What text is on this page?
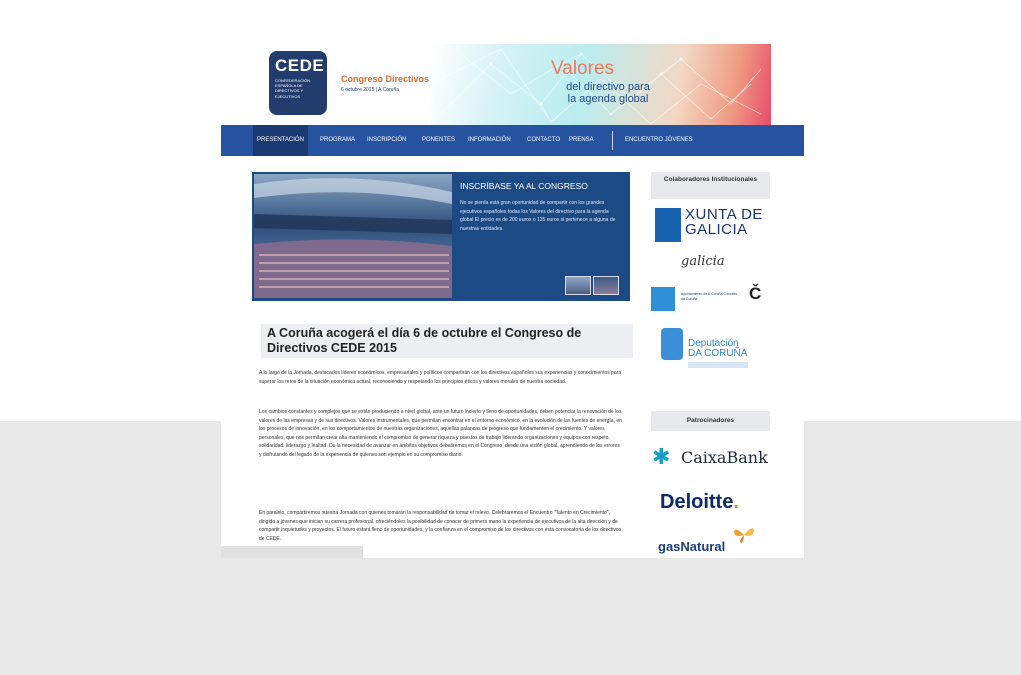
CEDE
CONFEDERACIÓN ESPAÑOLA DE DIRECTIVOS Y EJECUTIVOS
Congreso Directivos
6 octubre 2015 | A Coruña
Valores
del directivo para
la agenda global
PRESENTACIÓN	PROGRAMA INSCRIPCIÓN	PONENTES INFORMACIÓN	CONTACTO PRENSA	ENCUENTRO JÓVENES
INSCRÍBASE YA AL CONGRESO
No se pierda está gran oportunidad de compartir con los grandes ejecutivos españoles todas los Valores del directivo para la agenda global El precio es de 200 euros o 135 euros si pertenece a alguna de nuestras entidades.
A Coruña acogerá el día 6 de octubre el Congreso de Directivos CEDE 2015
A lo largo de la Jornada, destacados líderes económicos, empresariales y políticos compartirán con los directivos españoles sus experiencias y conocimientos para superar los retos de la situación económica actual, reconociendo y respetando los principios éticos y valores morales de nuestra sociedad.
Los cambios constantes y complejos que se están produciendo a nivel global, ante un futuro incierto y lleno de oportunidades, deben potenciar la renovación de los valores de las empresas y de sus directivos. Valores instrumentales, que permitan encontrar en el entorno económico, en la evolución de las fuentes de energía, en los procesos de innovación, en los comportamientos de nuestras organizaciones, aquellas palancas de progreso que fundamenten el crecimiento. Y valores personales, que nos permitan crear alta manteniendo el compromiso de generar riqueza y puestos de trabajo liderando organizaciones y equipos con respeto, solidaridad, liderazgo y lealtad. De la necesidad de avanzar en ámbitos objetivos debatiremos en el Congreso, desde una visión global, aprendiendo de los errores y disfrutando del legado de la experiencia de quienes son ejemplo en su compromiso diario.
En paralelo, compartiremos nuestra Jornada con quienes tomarán la responsabilidad de tomar el relevo. Celebraremos el Encuentro "Talento en Crecimiento", dirigido a jóvenes que inician su carrera profesional, ofreciéndoles la posibilidad de conocer de primera mano la experiencia de ejecutivos de la alta dirección y de compartir inquietudes y proyectos. El futuro estará lleno de oportunidades, y la confianza en el compromiso de los directivos con esta convocatoria de los directivos de CEDE.
Colaboradores Institucionales
XUNTA DE GALICIA
galicia
Ayuntamiento de A Coruña Concello da Coruña	Č
Deputación
DA CORUÑA
Patrocinadores
✱ CaixaBank
Deloitte.
gasNatural
